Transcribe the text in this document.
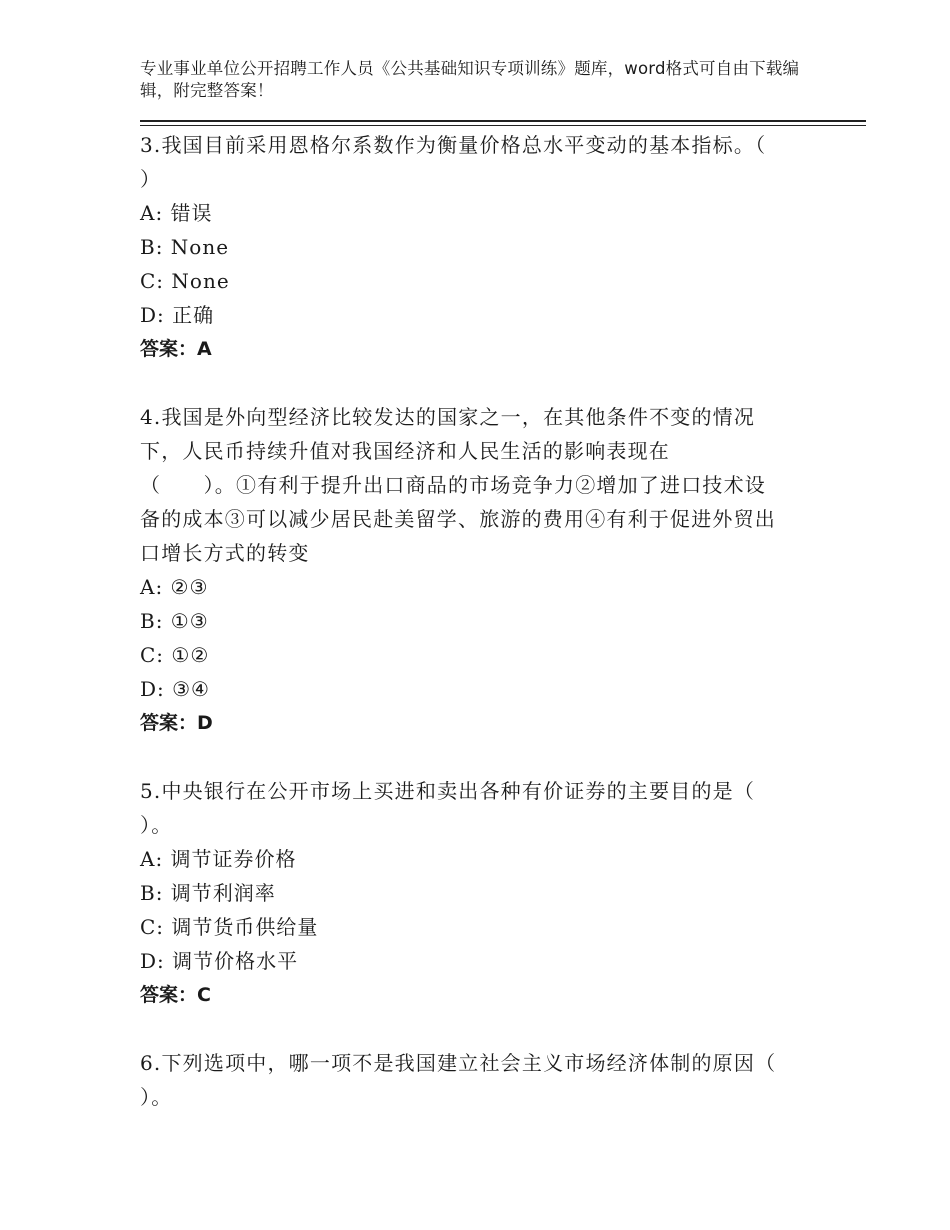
专业事业单位公开招聘工作人员《公共基础知识专项训练》题库，word格式可自由下载编辑，附完整答案！

3.我国目前采用恩格尔系数作为衡量价格总水平变动的基本指标。（

）

A: 错误

B: None

C: None

D: 正确

答案：A

4.我国是外向型经济比较发达的国家之一，在其他条件不变的情况

下，人民币持续升值对我国经济和人民生活的影响表现在

（　　）。①有利于提升出口商品的市场竞争力②增加了进口技术设

备的成本③可以减少居民赴美留学、旅游的费用④有利于促进外贸出

口增长方式的转变

A: ②③

B: ①③

C: ①②

D: ③④

答案：D

5.中央银行在公开市场上买进和卖出各种有价证券的主要目的是（

）。

A: 调节证券价格

B: 调节利润率

C: 调节货币供给量

D: 调节价格水平

答案：C

6.下列选项中，哪一项不是我国建立社会主义市场经济体制的原因（

）。
